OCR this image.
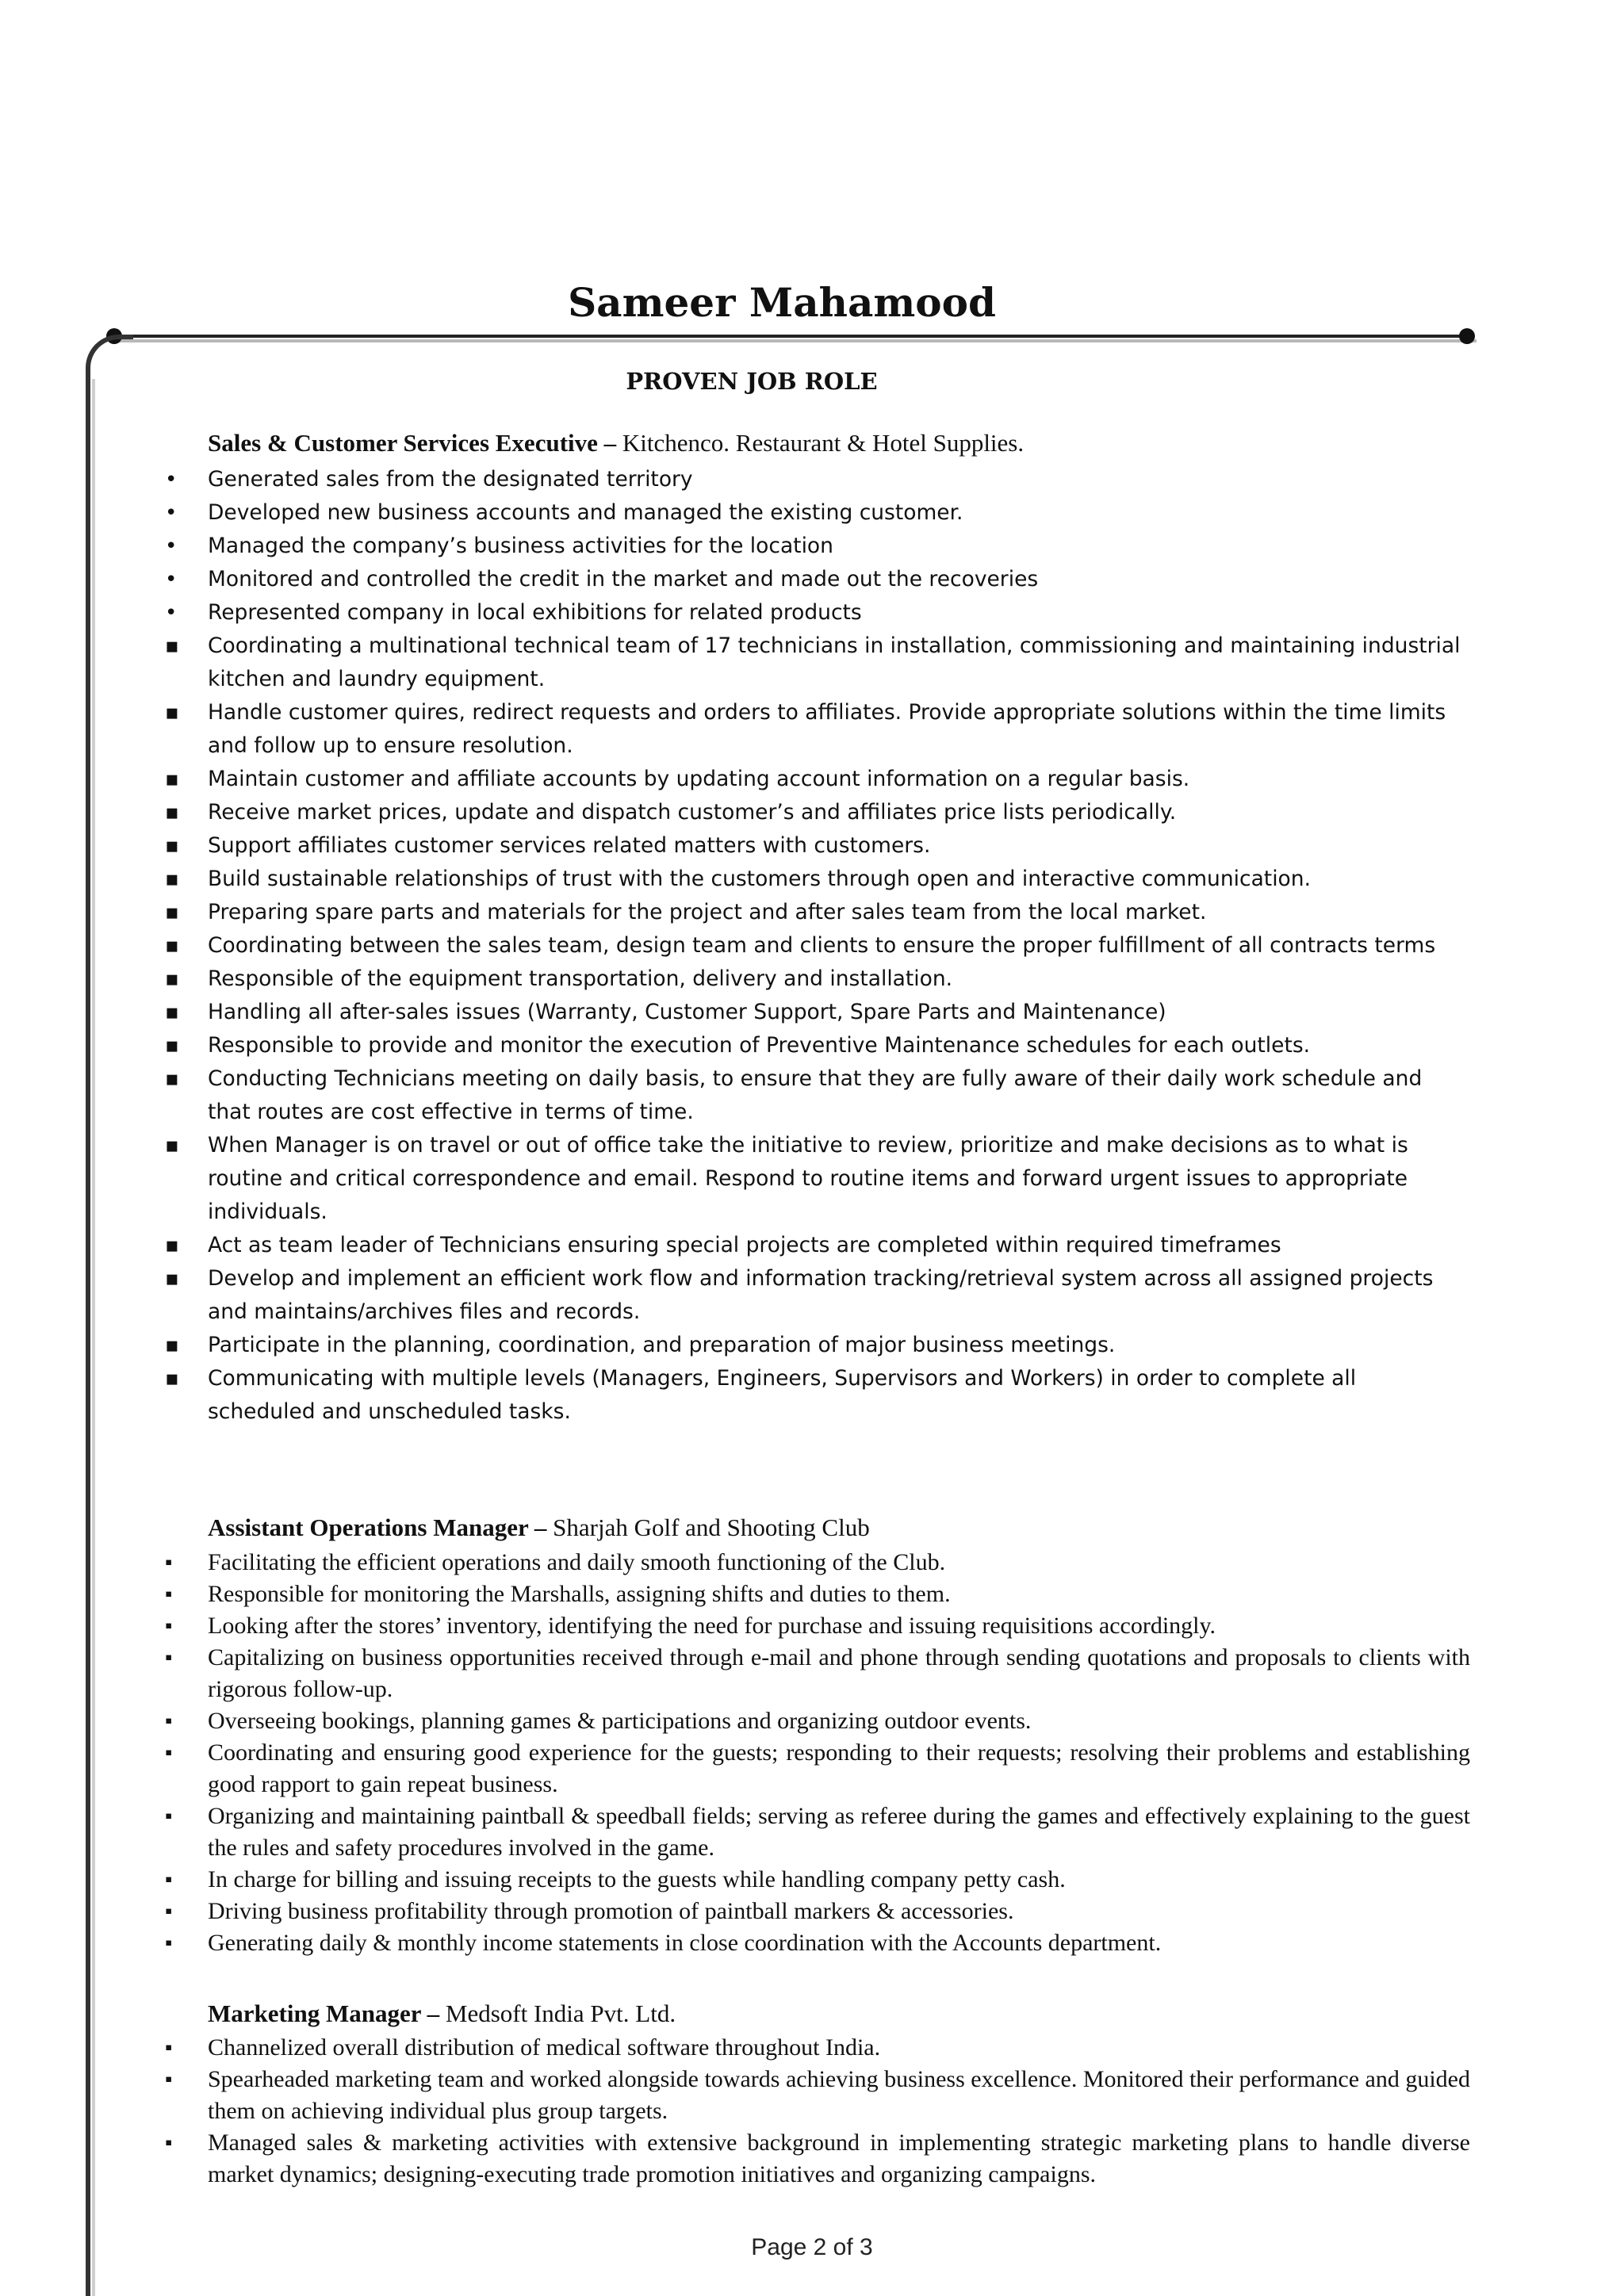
Sameer Mahamood
PROVEN JOB ROLE
Sales & Customer Services Executive – Kitchenco. Restaurant & Hotel Supplies.
• Generated sales from the designated territory
• Developed new business accounts and managed the existing customer.
• Managed the company’s business activities for the location
• Monitored and controlled the credit in the market and made out the recoveries
• Represented company in local exhibitions for related products
▪ Coordinating a multinational technical team of 17 technicians in installation, commissioning and maintaining industrial kitchen and laundry equipment.
▪ Handle customer quires, redirect requests and orders to affiliates. Provide appropriate solutions within the time limits and follow up to ensure resolution.
▪ Maintain customer and affiliate accounts by updating account information on a regular basis.
▪ Receive market prices, update and dispatch customer’s and affiliates price lists periodically.
▪ Support affiliates customer services related matters with customers.
▪ Build sustainable relationships of trust with the customers through open and interactive communication.
▪ Preparing spare parts and materials for the project and after sales team from the local market.
▪ Coordinating between the sales team, design team and clients to ensure the proper fulfillment of all contracts terms
▪ Responsible of the equipment transportation, delivery and installation.
▪ Handling all after-sales issues (Warranty, Customer Support, Spare Parts and Maintenance)
▪ Responsible to provide and monitor the execution of Preventive Maintenance schedules for each outlets.
▪ Conducting Technicians meeting on daily basis, to ensure that they are fully aware of their daily work schedule and that routes are cost effective in terms of time.
▪ When Manager is on travel or out of office take the initiative to review, prioritize and make decisions as to what is routine and critical correspondence and email. Respond to routine items and forward urgent issues to appropriate individuals.
▪ Act as team leader of Technicians ensuring special projects are completed within required timeframes
▪ Develop and implement an efficient work flow and information tracking/retrieval system across all assigned projects and maintains/archives files and records.
▪ Participate in the planning, coordination, and preparation of major business meetings.
▪ Communicating with multiple levels (Managers, Engineers, Supervisors and Workers) in order to complete all scheduled and unscheduled tasks.
Assistant Operations Manager – Sharjah Golf and Shooting Club
▪ Facilitating the efficient operations and daily smooth functioning of the Club.
▪ Responsible for monitoring the Marshalls, assigning shifts and duties to them.
▪ Looking after the stores’ inventory, identifying the need for purchase and issuing requisitions accordingly.
▪ Capitalizing on business opportunities received through e-mail and phone through sending quotations and proposals to clients with rigorous follow-up.
▪ Overseeing bookings, planning games & participations and organizing outdoor events.
▪ Coordinating and ensuring good experience for the guests; responding to their requests; resolving their problems and establishing good rapport to gain repeat business.
▪ Organizing and maintaining paintball & speedball fields; serving as referee during the games and effectively explaining to the guest the rules and safety procedures involved in the game.
▪ In charge for billing and issuing receipts to the guests while handling company petty cash.
▪ Driving business profitability through promotion of paintball markers & accessories.
▪ Generating daily & monthly income statements in close coordination with the Accounts department.
Marketing Manager – Medsoft India Pvt. Ltd.
▪ Channelized overall distribution of medical software throughout India.
▪ Spearheaded marketing team and worked alongside towards achieving business excellence. Monitored their performance and guided them on achieving individual plus group targets.
▪ Managed sales & marketing activities with extensive background in implementing strategic marketing plans to handle diverse market dynamics; designing-executing trade promotion initiatives and organizing campaigns.
Page 2 of 3
